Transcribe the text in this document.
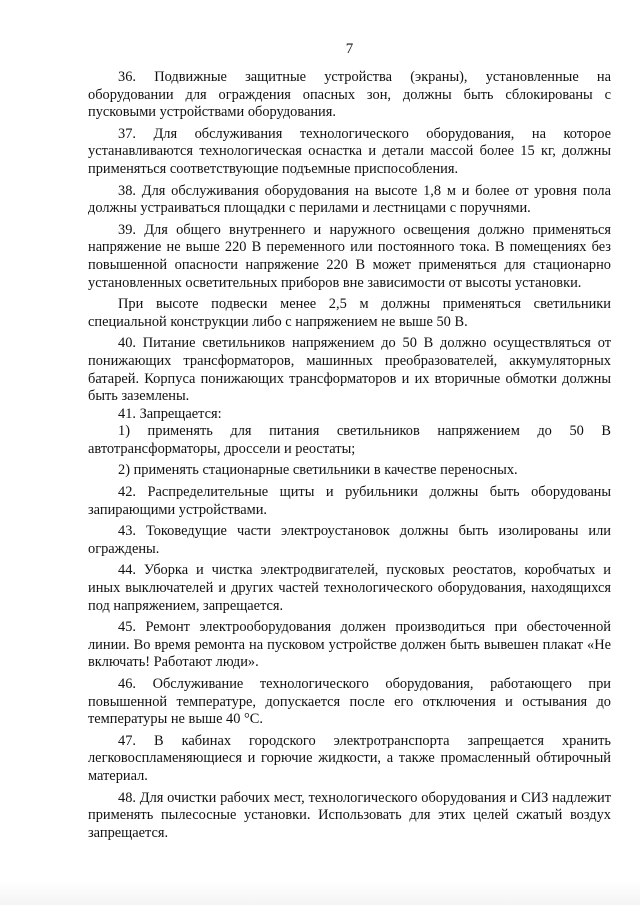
7

36. Подвижные защитные устройства (экраны), установленные на оборудовании для ограждения опасных зон, должны быть сблокированы с пусковыми устройствами оборудования.

37. Для обслуживания технологического оборудования, на которое устанавливаются технологическая оснастка и детали массой более 15 кг, должны применяться соответствующие подъемные приспособления.

38. Для обслуживания оборудования на высоте 1,8 м и более от уровня пола должны устраиваться площадки с перилами и лестницами с поручнями.

39. Для общего внутреннего и наружного освещения должно применяться напряжение не выше 220 В переменного или постоянного тока. В помещениях без повышенной опасности напряжение 220 В может применяться для стационарно установленных осветительных приборов вне зависимости от высоты установки.

При высоте подвески менее 2,5 м должны применяться светильники специальной конструкции либо с напряжением не выше 50 В.

40. Питание светильников напряжением до 50 В должно осуществляться от понижающих трансформаторов, машинных преобразователей, аккумуляторных батарей. Корпуса понижающих трансформаторов и их вторичные обмотки должны быть заземлены.

41. Запрещается:

1) применять для питания светильников напряжением до 50 В автотрансформаторы, дроссели и реостаты;

2) применять стационарные светильники в качестве переносных.

42. Распределительные щиты и рубильники должны быть оборудованы запирающими устройствами.

43. Токоведущие части электроустановок должны быть изолированы или ограждены.

44. Уборка и чистка электродвигателей, пусковых реостатов, коробчатых и иных выключателей и других частей технологического оборудования, находящихся под напряжением, запрещается.

45. Ремонт электрооборудования должен производиться при обесточенной линии. Во время ремонта на пусковом устройстве должен быть вывешен плакат «Не включать! Работают люди».

46. Обслуживание технологического оборудования, работающего при повышенной температуре, допускается после его отключения и остывания до температуры не выше 40 °С.

47. В кабинах городского электротранспорта запрещается хранить легковоспламеняющиеся и горючие жидкости, а также промасленный обтирочный материал.

48. Для очистки рабочих мест, технологического оборудования и СИЗ надлежит применять пылесосные установки. Использовать для этих целей сжатый воздух запрещается.
